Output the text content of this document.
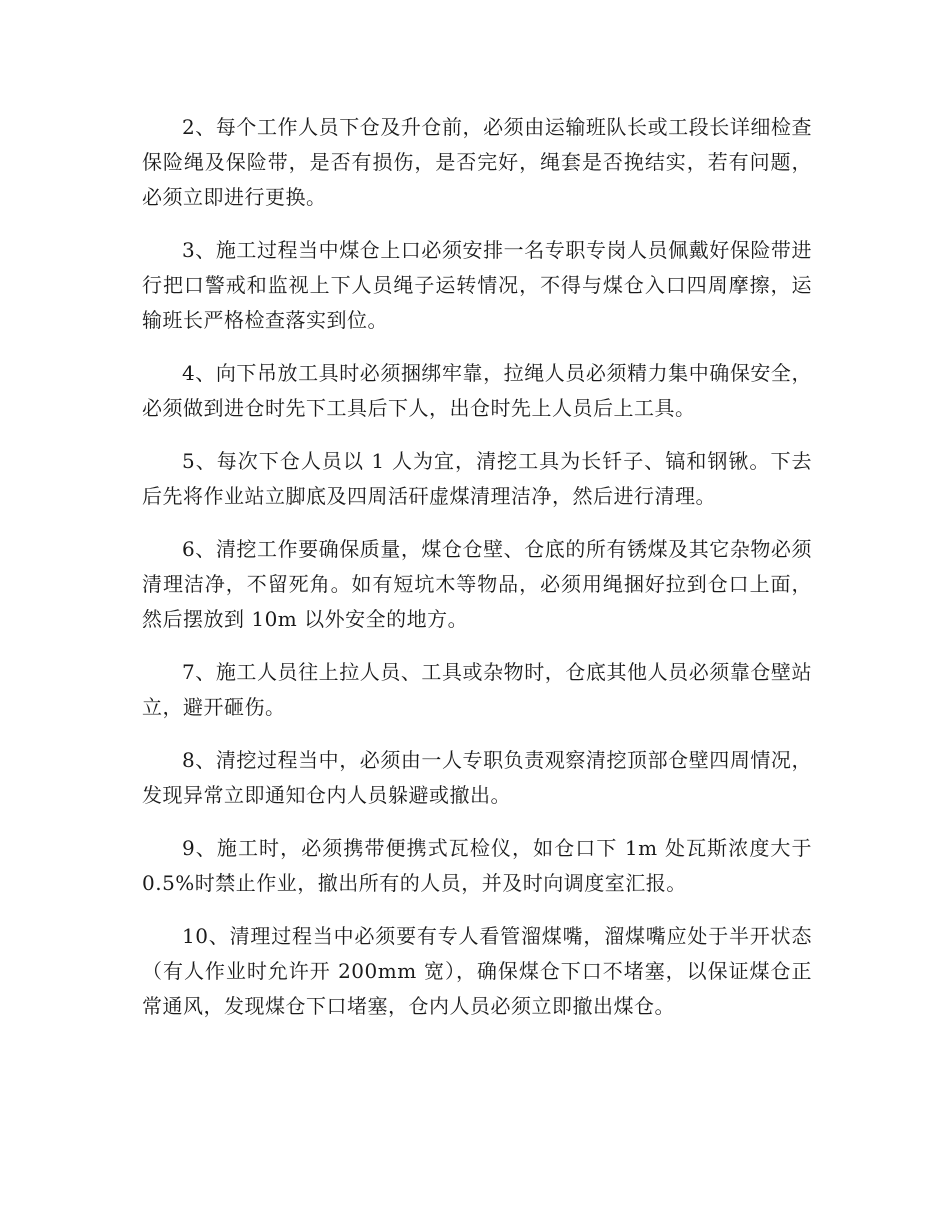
2、每个工作人员下仓及升仓前，必须由运输班队长或工段长详细检查保险绳及保险带，是否有损伤，是否完好，绳套是否挽结实，若有问题，必须立即进行更换。

3、施工过程当中煤仓上口必须安排一名专职专岗人员佩戴好保险带进行把口警戒和监视上下人员绳子运转情况，不得与煤仓入口四周摩擦，运输班长严格检查落实到位。

4、向下吊放工具时必须捆绑牢靠，拉绳人员必须精力集中确保安全，必须做到进仓时先下工具后下人，出仓时先上人员后上工具。

5、每次下仓人员以 1 人为宜，清挖工具为长钎子、镐和钢锹。下去后先将作业站立脚底及四周活矸虚煤清理洁净，然后进行清理。

6、清挖工作要确保质量，煤仓仓壁、仓底的所有锈煤及其它杂物必须清理洁净，不留死角。如有短坑木等物品，必须用绳捆好拉到仓口上面，然后摆放到 10m 以外安全的地方。

7、施工人员往上拉人员、工具或杂物时，仓底其他人员必须靠仓壁站立，避开砸伤。

8、清挖过程当中，必须由一人专职负责观察清挖顶部仓壁四周情况，发现异常立即通知仓内人员躲避或撤出。

9、施工时，必须携带便携式瓦检仪，如仓口下 1m 处瓦斯浓度大于 0.5%时禁止作业，撤出所有的人员，并及时向调度室汇报。

10、清理过程当中必须要有专人看管溜煤嘴，溜煤嘴应处于半开状态（有人作业时允许开 200mm 宽），确保煤仓下口不堵塞，以保证煤仓正常通风，发现煤仓下口堵塞，仓内人员必须立即撤出煤仓。
